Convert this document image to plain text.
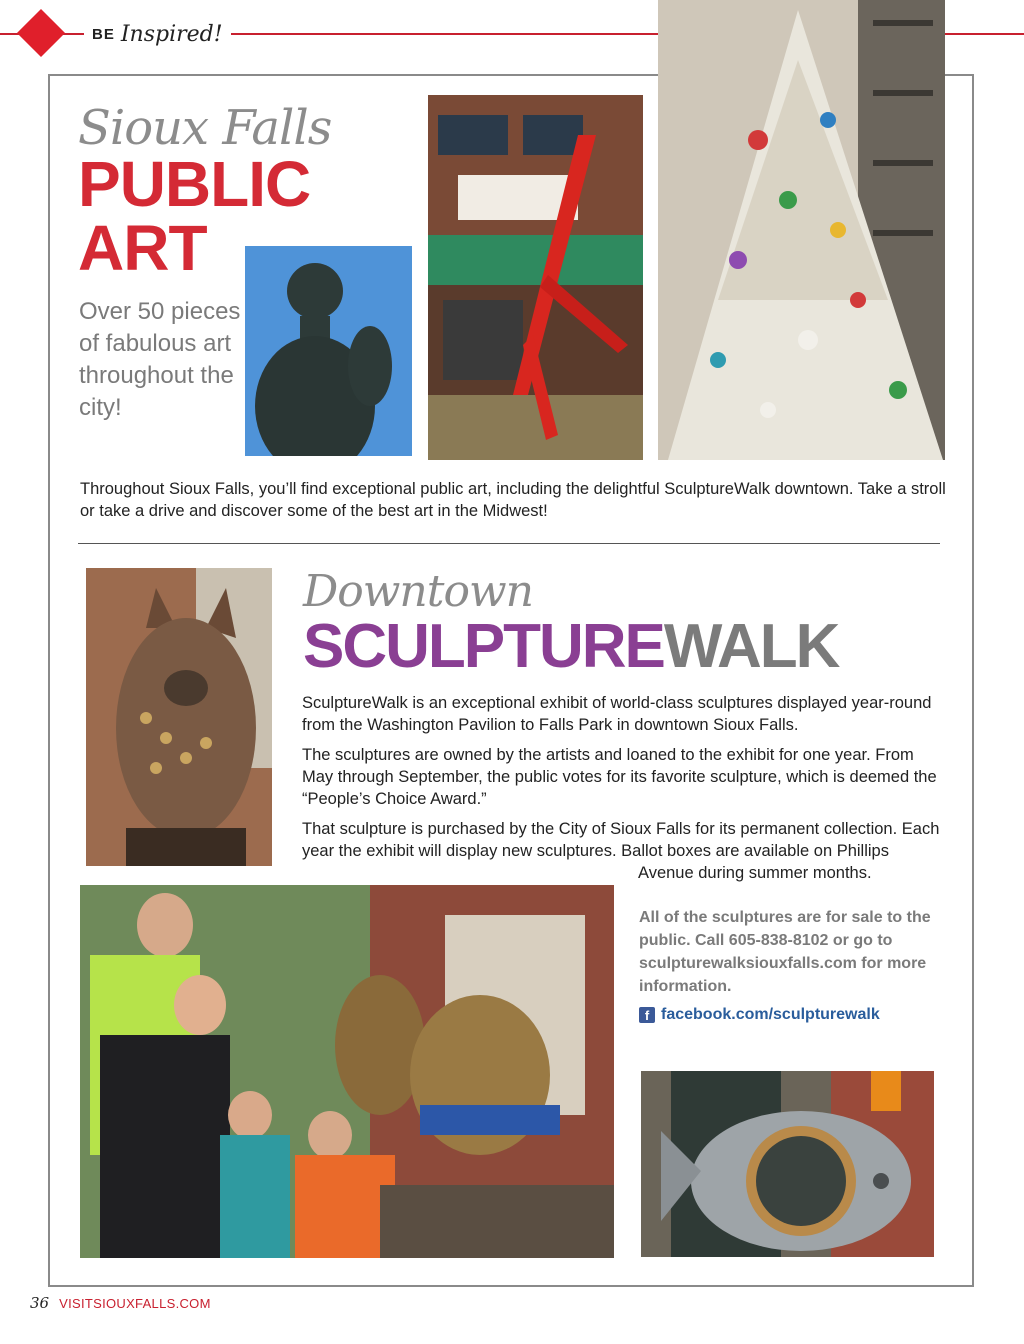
BE Inspired!
Sioux Falls
PUBLIC
ART
Over 50 pieces of fabulous art throughout the city!

Throughout Sioux Falls, you’ll find exceptional public art, including the delightful SculptureWalk downtown. Take a stroll or take a drive and discover some of the best art in the Midwest!

Downtown
SCULPTUREWALK

SculptureWalk is an exceptional exhibit of world-class sculptures displayed year-round from the Washington Pavilion to Falls Park in downtown Sioux Falls.

The sculptures are owned by the artists and loaned to the exhibit for one year. From May through September, the public votes for its favorite sculpture, which is deemed the “People’s Choice Award.”

That sculpture is purchased by the City of Sioux Falls for its permanent collection. Each year the exhibit will display new sculptures. Ballot boxes are available on Phillips

Avenue during summer months.

All of the sculptures are for sale to the public. Call 605-838-8102 or go to sculpturewalksiouxfalls.com for more information.

f facebook.com/sculpturewalk
36 VISITSIOUXFALLS.COM
